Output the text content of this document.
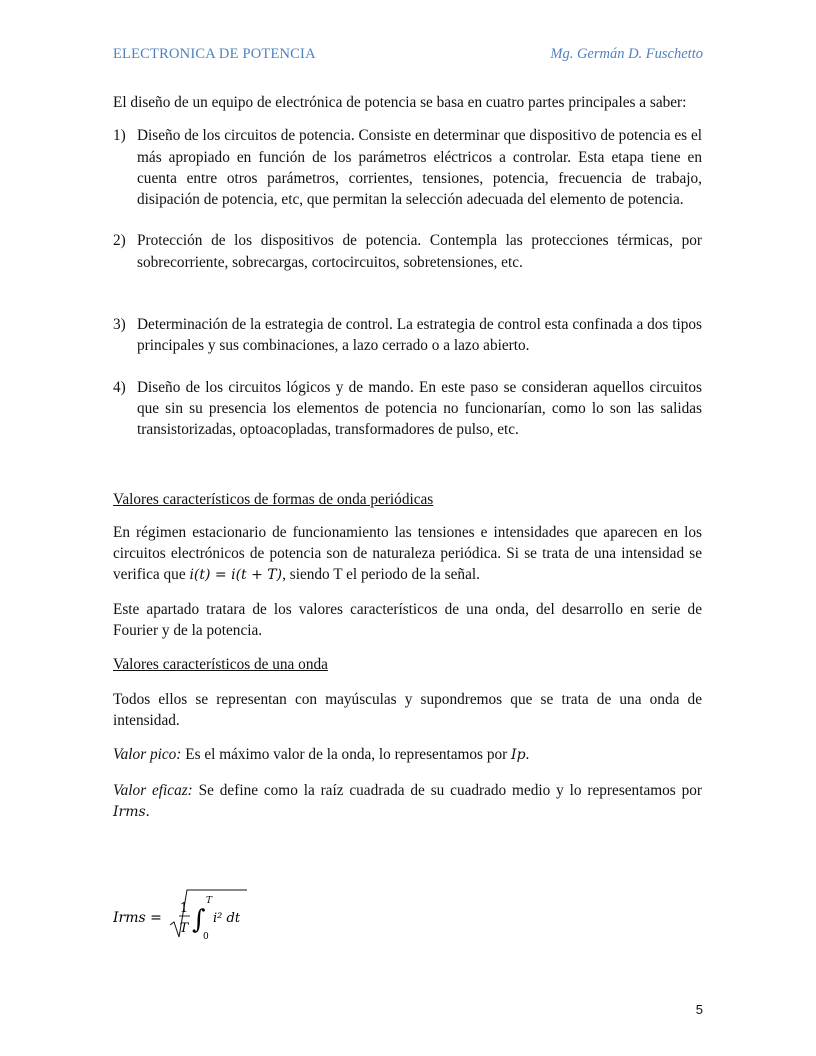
ELECTRONICA DE POTENCIA	Mg. Germán D. Fuschetto

El diseño de un equipo de electrónica de potencia se basa en cuatro partes principales a saber:

1) Diseño de los circuitos de potencia. Consiste en determinar que dispositivo de potencia es el más apropiado en función de los parámetros eléctricos a controlar. Esta etapa tiene en cuenta entre otros parámetros, corrientes, tensiones, potencia, frecuencia de trabajo, disipación de potencia, etc, que permitan la selección adecuada del elemento de potencia.
2) Protección de los dispositivos de potencia. Contempla las protecciones térmicas, por sobrecorriente, sobrecargas, cortocircuitos, sobretensiones, etc.
3) Determinación de la estrategia de control. La estrategia de control esta confinada a dos tipos principales y sus combinaciones, a lazo cerrado o a lazo abierto.
4) Diseño de los circuitos lógicos y de mando. En este paso se consideran aquellos circuitos que sin su presencia los elementos de potencia no funcionarían, como lo son las salidas transistorizadas, optoacopladas, transformadores de pulso, etc.

Valores característicos de formas de onda periódicas

En régimen estacionario de funcionamiento las tensiones e intensidades que aparecen en los circuitos electrónicos de potencia son de naturaleza periódica. Si se trata de una intensidad se verifica que i(t) = i(t + T), siendo T el periodo de la señal.

Este apartado tratara de los valores característicos de una onda, del desarrollo en serie de Fourier y de la potencia.

Valores característicos de una onda

Todos ellos se representan con mayúsculas y supondremos que se trata de una onda de intensidad.

Valor pico: Es el máximo valor de la onda, lo representamos por Ip.

Valor eficaz: Se define como la raíz cuadrada de su cuadrado medio y lo representamos por Irms.

Irms =
1
T ∫
T
0
i² dt
5
